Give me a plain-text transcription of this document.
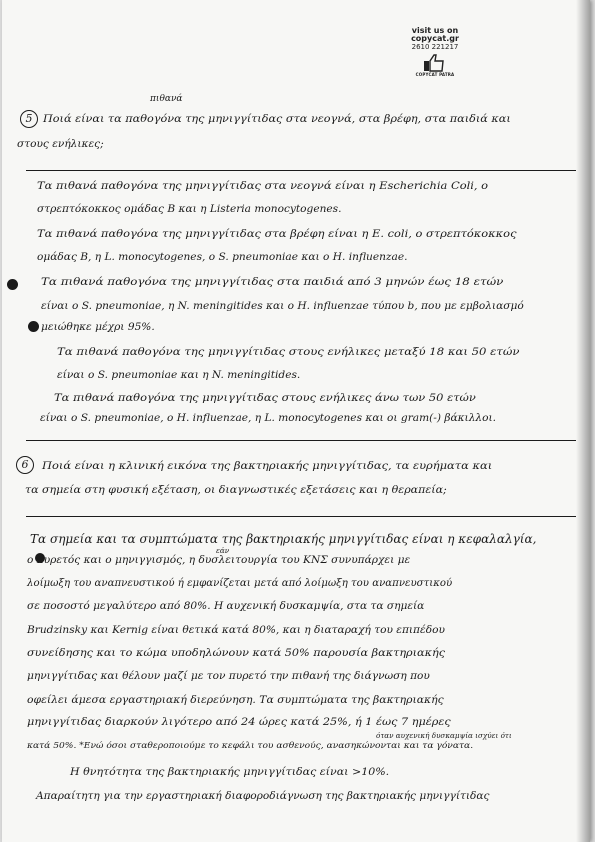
visit us on
copycat.gr
2610 221217
COPYCAT PATRA
πιθανά
5 Ποιά είναι τα παθογόνα της μηνιγγίτιδας στα νεογνά, στα βρέφη, στα παιδιά και
στους ενήλικες;
Τα πιθανά παθογόνα της μηνιγγίτιδας στα νεογνά είναι η Escherichia Coli, ο
στρεπτόκοκκος ομάδας Β και η Listeria monocytogenes.
Τα πιθανά παθογόνα της μηνιγγίτιδας στα βρέφη είναι η E. coli, ο στρεπτόκοκκος
ομάδας Β, η L. monocytogenes, ο S. pneumoniae και ο H. influenzae.
Τα πιθανά παθογόνα της μηνιγγίτιδας στα παιδιά από 3 μηνών έως 18 ετών
είναι ο S. pneumoniae, η N. meningitides και ο H. influenzae τύπου b, που με εμβολιασμό
μειώθηκε μέχρι 95%.
Τα πιθανά παθογόνα της μηνιγγίτιδας στους ενήλικες μεταξύ 18 και 50 ετών
είναι ο S. pneumoniae και η N. meningitides.
Τα πιθανά παθογόνα της μηνιγγίτιδας στους ενήλικες άνω των 50 ετών
είναι ο S. pneumoniae, ο H. influenzae, η L. monocytogenes και οι gram(-) βάκιλλοι.
6	Ποιά είναι η κλινική εικόνα της βακτηριακής μηνιγγίτιδας, τα ευρήματα και
τα σημεία στη φυσική εξέταση, οι διαγνωστικές εξετάσεις και η θεραπεία;
Τα σημεία και τα συμπτώματα της βακτηριακής μηνιγγίτιδας είναι η κεφαλαλγία,
εάν
ο πυρετός και ο μηνιγγισμός, η δυσλειτουργία του ΚΝΣ συνυπάρχει με
λοίμωξη του αναπνευστικού ή εμφανίζεται μετά από λοίμωξη του αναπνευστικού
σε ποσοστό μεγαλύτερο από 80%. Η αυχενική δυσκαμψία, στα τα σημεία
Brudzinsky και Kernig είναι θετικά κατά 80%, και η διαταραχή του επιπέδου
συνείδησης και το κώμα υποδηλώνουν κατά 50% παρουσία βακτηριακής
μηνιγγίτιδας και θέλουν μαζί με τον πυρετό την πιθανή της διάγνωση που
οφείλει άμεσα εργαστηριακή διερεύνηση. Τα συμπτώματα της βακτηριακής
μηνιγγίτιδας διαρκούν λιγότερο από 24 ώρες κατά 25%, ή 1 έως 7 ημέρες
όταν αυχενική δυσκαμψία ισχύει ότι
κατά 50%. *Ενώ όσοι σταθεροποιούμε το κεφάλι του ασθενούς, ανασηκώνονται και τα γόνατα.
Η θνητότητα της βακτηριακής μηνιγγίτιδας είναι >10%.
Απαραίτητη για την εργαστηριακή διαφοροδιάγνωση της βακτηριακής μηνιγγίτιδας
